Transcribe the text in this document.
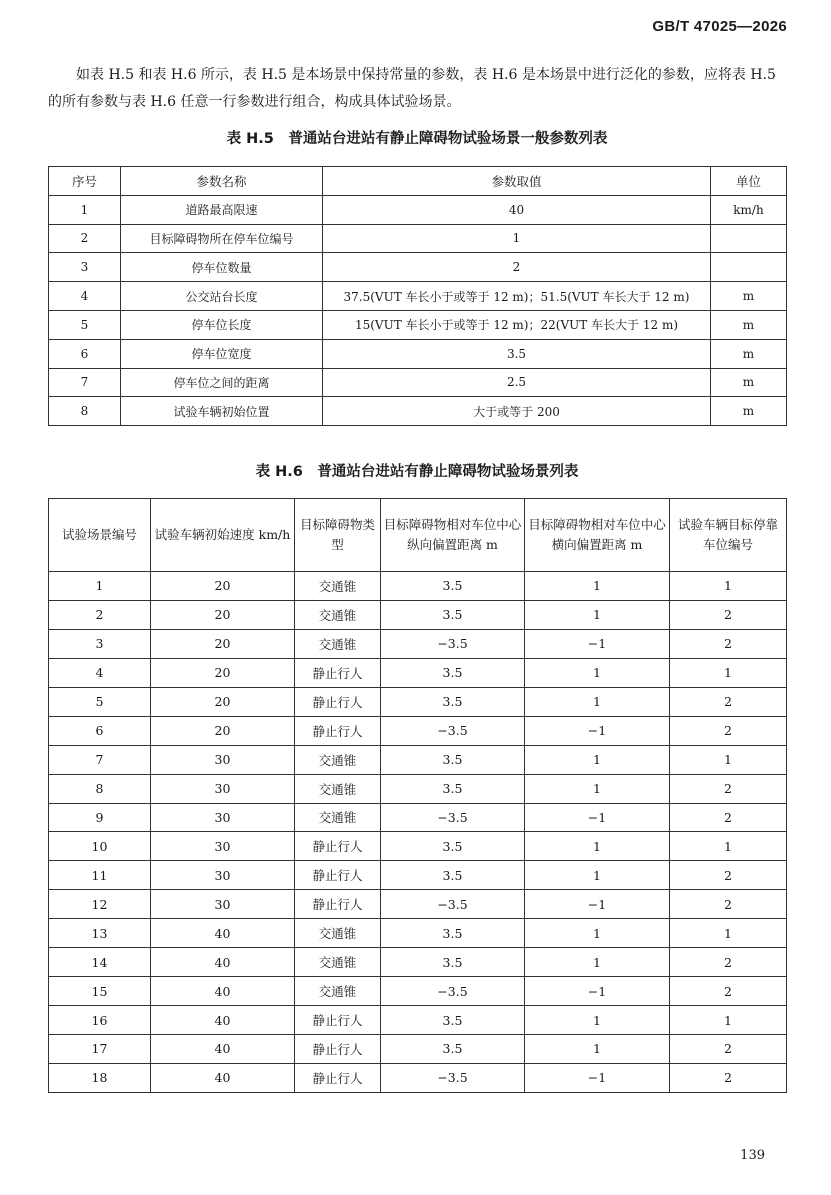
GB/T 47025—2026

如表 H.5 和表 H.6 所示，表 H.5 是本场景中保持常量的参数，表 H.6 是本场景中进行泛化的参数，应将表 H.5 的所有参数与表 H.6 任意一行参数进行组合，构成具体试验场景。

表 H.5　普通站台进站有静止障碍物试验场景一般参数列表
序号	参数名称	参数取值	单位
1	道路最高限速	40	km/h
2	目标障碍物所在停车位编号	1	
3	停车位数量	2	
4	公交站台长度	37.5(VUT 车长小于或等于 12 m)；51.5(VUT 车长大于 12 m)	m
5	停车位长度	15(VUT 车长小于或等于 12 m)；22(VUT 车长大于 12 m)	m
6	停车位宽度	3.5	m
7	停车位之间的距离	2.5	m
8	试验车辆初始位置	大于或等于 200	m
表 H.6　普通站台进站有静止障碍物试验场景列表
试验场景编号	试验车辆初始速度 km/h	目标障碍物类型	目标障碍物相对车位中心纵向偏置距离 m	目标障碍物相对车位中心横向偏置距离 m	试验车辆目标停靠车位编号
1	20	交通锥	3.5	1	1
2	20	交通锥	3.5	1	2
3	20	交通锥	−3.5	−1	2
4	20	静止行人	3.5	1	1
5	20	静止行人	3.5	1	2
6	20	静止行人	−3.5	−1	2
7	30	交通锥	3.5	1	1
8	30	交通锥	3.5	1	2
9	30	交通锥	−3.5	−1	2
10	30	静止行人	3.5	1	1
11	30	静止行人	3.5	1	2
12	30	静止行人	−3.5	−1	2
13	40	交通锥	3.5	1	1
14	40	交通锥	3.5	1	2
15	40	交通锥	−3.5	−1	2
16	40	静止行人	3.5	1	1
17	40	静止行人	3.5	1	2
18	40	静止行人	−3.5	−1	2
139
